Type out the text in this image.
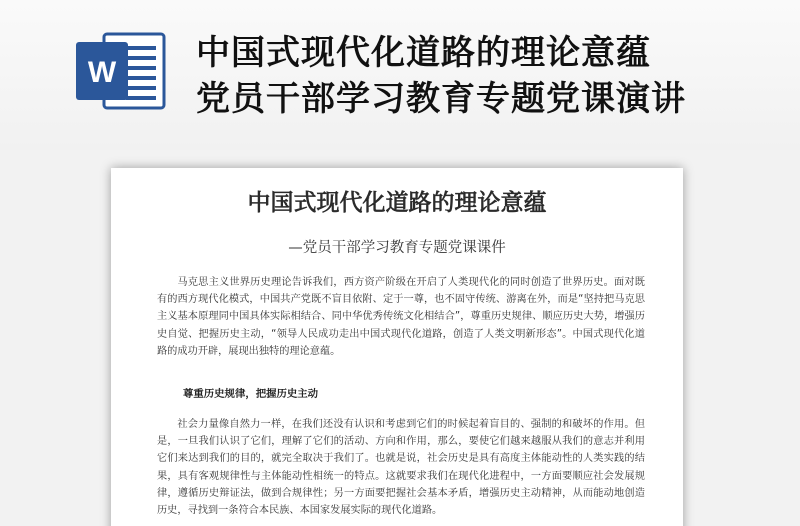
W 中国式现代化道路的理论意蕴
党员干部学习教育专题党课演讲
中国式现代化道路的理论意蕴
—党员干部学习教育专题党课课件

马克思主义世界历史理论告诉我们，西方资产阶级在开启了人类现代化的同时创造了世界历史。面对既有的西方现代化模式，中国共产党既不盲目依附、定于一尊，也不固守传统、游离在外，而是“坚持把马克思主义基本原理同中国具体实际相结合、同中华优秀传统文化相结合”，尊重历史规律、顺应历史大势，增强历史自觉、把握历史主动，“领导人民成功走出中国式现代化道路，创造了人类文明新形态”。中国式现代化道路的成功开辟，展现出独特的理论意蕴。

尊重历史规律，把握历史主动

社会力量像自然力一样，在我们还没有认识和考虑到它们的时候起着盲目的、强制的和破坏的作用。但是，一旦我们认识了它们，理解了它们的活动、方向和作用，那么，要使它们越来越服从我们的意志并利用它们来达到我们的目的，就完全取决于我们了。也就是说，社会历史是具有高度主体能动性的人类实践的结果，具有客观规律性与主体能动性相统一的特点。这就要求我们在现代化进程中，一方面要顺应社会发展规律，遵循历史辩证法，做到合规律性；另一方面要把握社会基本矛盾，增强历史主动精神，从而能动地创造历史，寻找到一条符合本民族、本国家发展实际的现代化道路。
